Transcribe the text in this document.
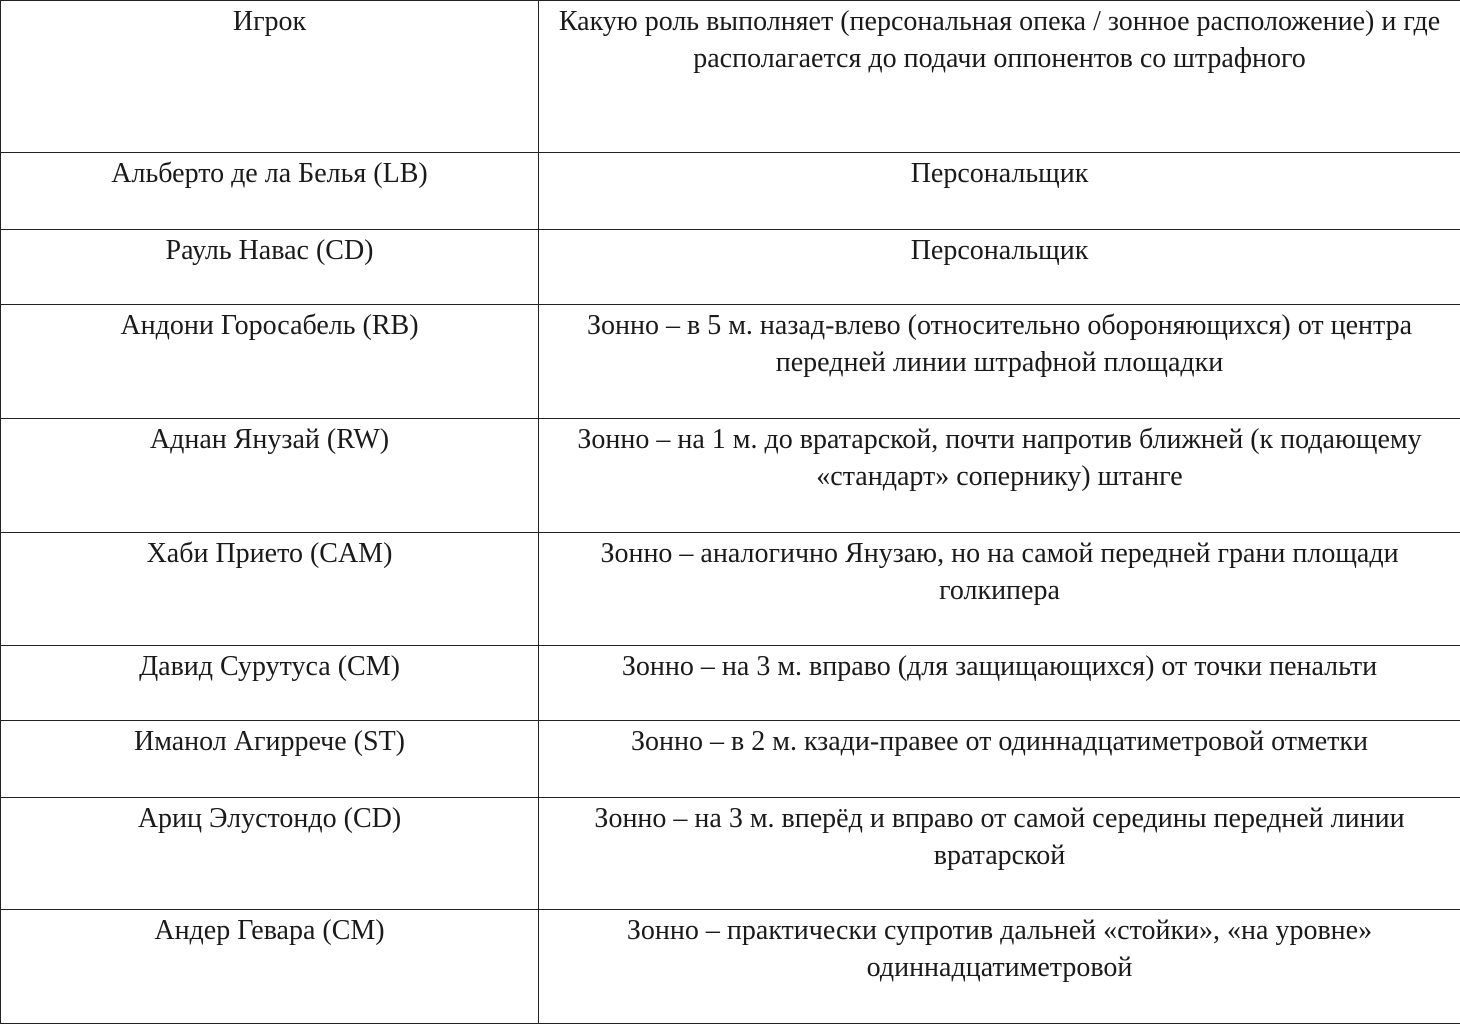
Игрок	Какую роль выполняет (персональная опека / зонное расположение) и где располагается до подачи оппонентов со штрафного
Альберто де ла Белья (LB)	Персональщик
Рауль Навас (CD)	Персональщик
Андони Горосабель (RB)	Зонно – в 5 м. назад-влево (относительно обороняющихся) от центра передней линии штрафной площадки
Аднан Янузай (RW)	Зонно – на 1 м. до вратарской, почти напротив ближней (к подающему «стандарт» сопернику) штанге
Хаби Прието (CAM)	Зонно – аналогично Янузаю, но на самой передней грани площади голкипера
Давид Сурутуса (CM)	Зонно – на 3 м. вправо (для защищающихся) от точки пенальти
Иманол Агирречe (ST)	Зонно – в 2 м. кзади-правее от одиннадцатиметровой отметки
Ариц Элустондо (CD)	Зонно – на 3 м. вперёд и вправо от самой середины передней линии вратарской
Андер Гевара (CM)	Зонно – практически супротив дальней «стойки», «на уровне» одиннадцатиметровой
